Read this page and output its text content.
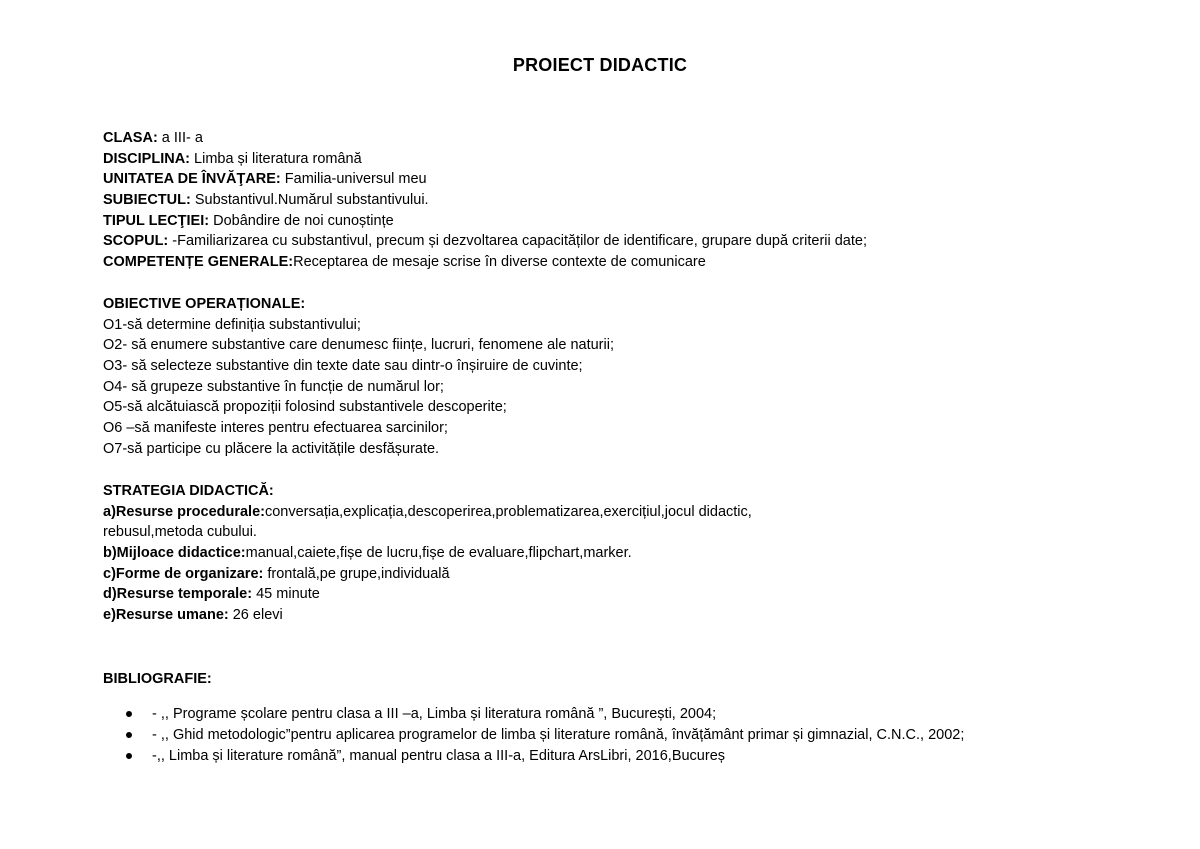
PROIECT DIDACTIC
CLASA: a III- a
DISCIPLINA: Limba și literatura română
UNITATEA DE ÎNVĂŢARE: Familia-universul meu
SUBIECTUL: Substantivul.Numărul substantivului.
TIPUL LECŢIEI: Dobândire de noi cunoștințe
SCOPUL: -Familiarizarea cu substantivul, precum și dezvoltarea capacităților de identificare, grupare după criterii date;
COMPETENȚE GENERALE:Receptarea de mesaje scrise în diverse contexte de comunicare
OBIECTIVE OPERAȚIONALE:
O1-să determine definiția substantivului;
O2- să enumere substantive care denumesc ființe, lucruri, fenomene ale naturii;
O3- să selecteze substantive din texte date sau dintr-o înșiruire de cuvinte;
O4- să grupeze substantive în funcție de numărul lor;
O5-să alcătuiască propoziții folosind substantivele descoperite;
O6 –să manifeste interes pentru efectuarea sarcinilor;
O7-să participe cu plăcere la activitățile desfășurate.
STRATEGIA DIDACTICĂ:
a)Resurse procedurale:conversația,explicația,descoperirea,problematizarea,exercițiul,jocul didactic,
rebusul,metoda cubului.
b)Mijloace didactice:manual,caiete,fișe de lucru,fișe de evaluare,flipchart,marker.
c)Forme de organizare: frontală,pe grupe,individuală
d)Resurse temporale: 45 minute
e)Resurse umane: 26 elevi
BIBLIOGRAFIE:
- ,, Programe școlare pentru clasa a III –a, Limba și literatura română ”, București, 2004;
- ,, Ghid metodologic”pentru aplicarea programelor de limba și literature română, învățământ primar și gimnazial, C.N.C., 2002;
-,, Limba și literature română”, manual pentru clasa a III-a, Editura ArsLibri, 2016,Bucureș
